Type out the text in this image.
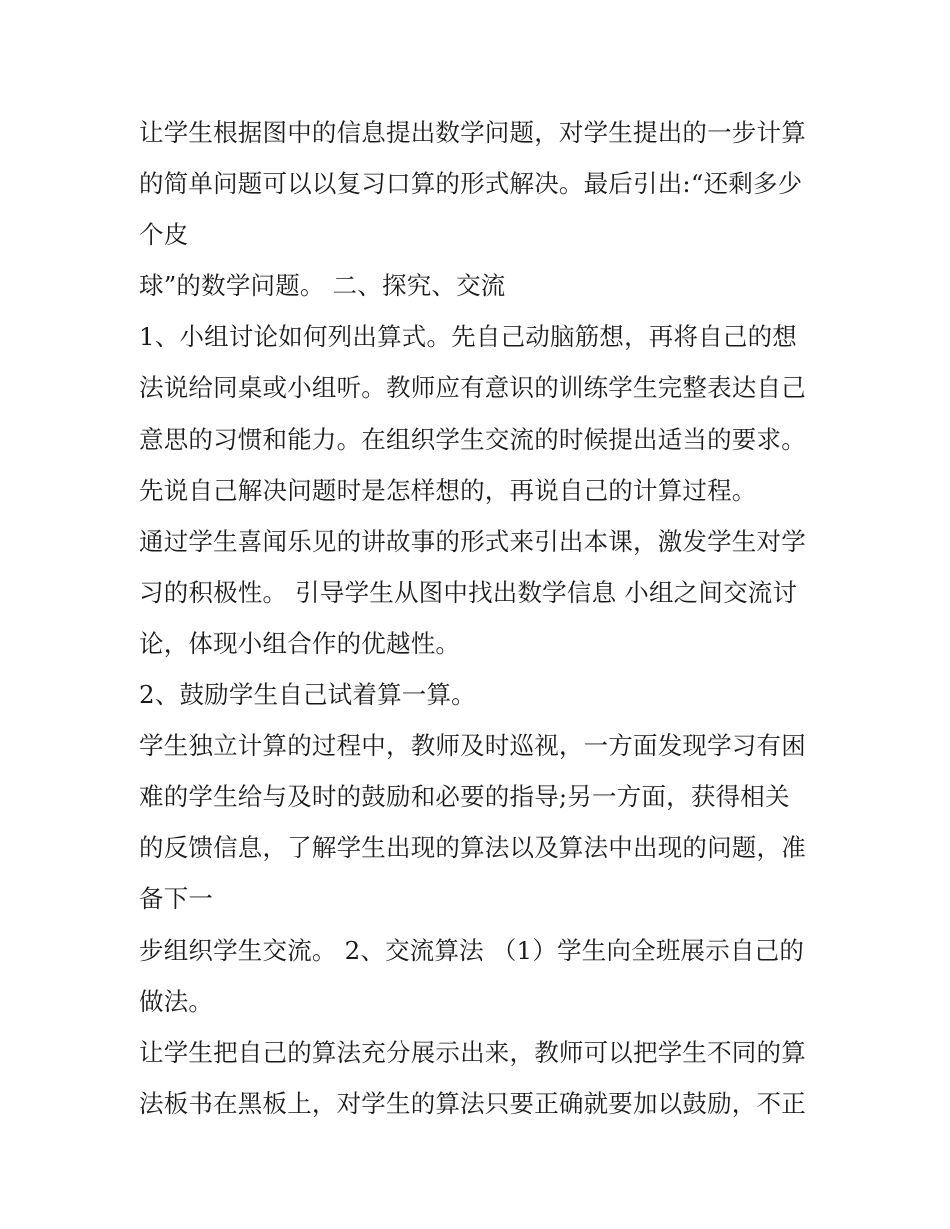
让学生根据图中的信息提出数学问题，对学生提出的一步计算
的简单问题可以以复习口算的形式解决。最后引出:“还剩多少
个皮
球”的数学问题。 二、探究、交流
1、小组讨论如何列出算式。先自己动脑筋想，再将自己的想
法说给同桌或小组听。教师应有意识的训练学生完整表达自己
意思的习惯和能力。在组织学生交流的时候提出适当的要求。
先说自己解决问题时是怎样想的，再说自己的计算过程。
通过学生喜闻乐见的讲故事的形式来引出本课，激发学生对学
习的积极性。 引导学生从图中找出数学信息 小组之间交流讨
论，体现小组合作的优越性。
2、鼓励学生自己试着算一算。
学生独立计算的过程中，教师及时巡视，一方面发现学习有困
难的学生给与及时的鼓励和必要的指导;另一方面，获得相关
的反馈信息，了解学生出现的算法以及算法中出现的问题，准
备下一
步组织学生交流。 2、交流算法 （1）学生向全班展示自己的
做法。
让学生把自己的算法充分展示出来，教师可以把学生不同的算
法板书在黑板上，对学生的算法只要正确就要加以鼓励，不正
